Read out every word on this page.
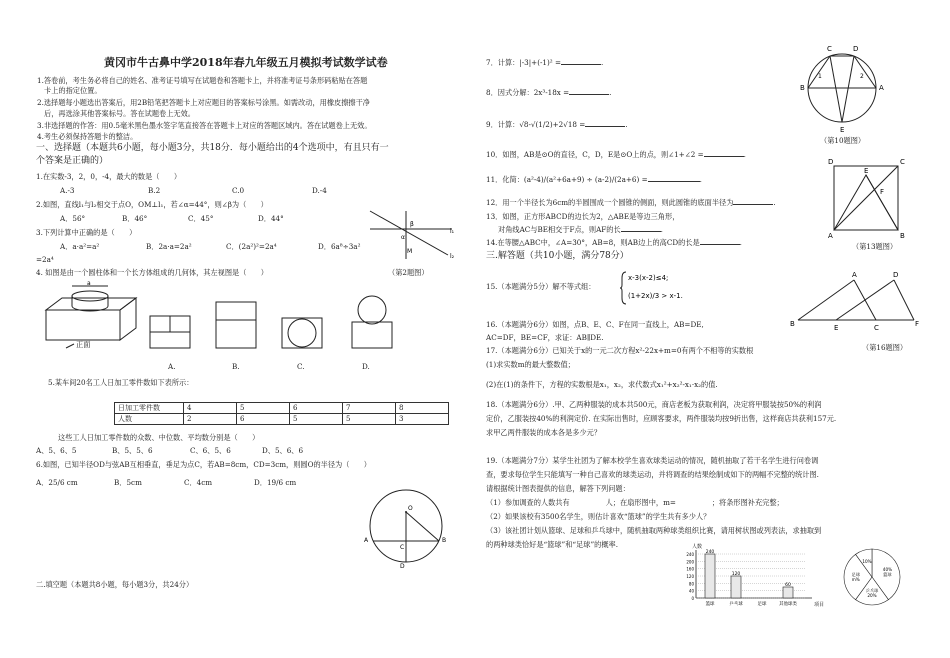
黄冈市牛古鼻中学2018年春九年级五月模拟考试数学试卷
1.答卷前，考生务必将自己的姓名、准考证号填写在试题卷和答题卡上，并将准考证号条形码粘贴在答题
卡上的指定位置。
2.选择题每小题选出答案后，用2B铅笔把答题卡上对应题目的答案标号涂黑。如需改动，用橡皮擦擦干净
后，再选涂其他答案标号。答在试题卷上无效。
3.非选择题的作答：用0.5毫米黑色墨水签字笔直接答在答题卡上对应的答题区域内。答在试题卷上无效。
4.考生必须保持答题卡的整洁。
一、选择题（本题共6小题，每小题3分，共18分．每小题给出的4个选项中，有且只有一
个答案是正确的）
1.在实数-3，2，0，-4，最大的数是（　　）
A.-3	B.2	C.0	D.-4
2.如图，直线l₁与l₂相交于点O，OM⊥l₁，若∠α=44°，则∠β为（　　）
A．56°	B．46°	C．45°	D．44°
3.下列计算中正确的是（　　）
A．a·a²=a²	B．2a·a=2a²	C．(2a²)²=2a⁴	D．6a⁸÷3a²
=2a⁴
β
α
l₁
l₂
M
（第2题图）
4. 如图是由一个圆柱体和一个长方体组成的几何体，其左视图是（　　）
a
正面
A.	B.	C.	D.
5.某车间20名工人日加工零件数如下表所示：
日加工零件数	4	5	6	7	8
人数	2	6	5	5	3
这些工人日加工零件数的众数、中位数、平均数分别是（　　）
A、5、6、5	B、5、5、6	C、6、5、6	D、5、6、6
6.如图，已知半径OD与弦AB互相垂直，垂足为点C，若AB=8cm，CD=3cm，则圆O的半径为（　　）
A．25/6 cm	B．5cm	C．4cm	D．19/6 cm
O
A	B
C
D
二.填空题（本题共8小题，每小题3分，共24分）
7．计算：|-3|+(-1)² =	.
8．因式分解：2x³-18x =	.
9．计算：√8-√(1/2)+2√18 =	.
10．如图，AB是⊙O的直径，C，D，E是⊙O上的点，则∠1+∠2 =	.
11．化简：(a²-4)/(a²+6a+9) ÷ (a-2)/(2a+6) =	.
12．用一个半径长为6cm的半圆围成一个圆锥的侧面，则此圆锥的底面半径为	.
13．如图，正方形ABCD的边长为2，△ABE是等边三角形，
对角线AC与BE相交于F点，则AF的长	.
14.在等腰△ABC中，∠A=30°，AB=8，则AB边上的高CD的长是	.
三.解答题（共10小题，满分78分）
15.（本题满分5分）解不等式组：
x-3(x-2)≤4;
(1+2x)/3 > x-1.
16.（本题满分6分）如图，点B、E、C、F在同一直线上，AB=DE,
AC=DF，BE=CF，求证：AB∥DE.
17.（本题满分6分）已知关于x的一元二次方程x²-22x+m=0有两个不相等的实数根
(1)求实数m的最大整数值；
(2)在(1)的条件下，方程的实数根是x₁，x₂，求代数式x₁²+x₂²-x₁·x₂的值.
18.（本题满分6分）.甲、乙两种服装的成本共500元，商店老板为获取利润，决定将甲服装按50%的利润
定价，乙服装按40%的利润定价. 在实际出售时，应顾客要求，两件服装均按9折出售，这样商店共获利157元.
求甲乙两件服装的成本各是多少元？
19.（本题满分7分）某学生社团为了解本校学生喜欢球类运动的情况，随机抽取了若干名学生进行问卷调
查，要求每位学生只能填写一种自己喜欢的球类运动，并将调查的结果绘制成如下的两幅不完整的统计图.
请根据统计图表提供的信息，解答下列问题：
（1）参加调查的人数共有　　　　　人；在扇形图中，m=　　　　　；将条形图补充完整；
（2）如果该校有3500名学生，则估计喜欢“篮球”的学生共有多少人？
（3）该社团计划从篮球、足球和乒乓球中，随机抽取两种球类组织比赛，请用树状图或列表法，求抽取到
的两种球类恰好是“篮球”和“足球”的概率.
C	D
B	A
E
1	2
（第10题图）
D	C
A	B
E
F
（第13题图）
A	D
B	E	C	F
（第16题图）
0
40
80
120
160
200
240
人数
项目
240
篮球
120
乒乓球	足球
60
其他球类
40%
篮球
乒乓球
20%
足球
m%
10%
